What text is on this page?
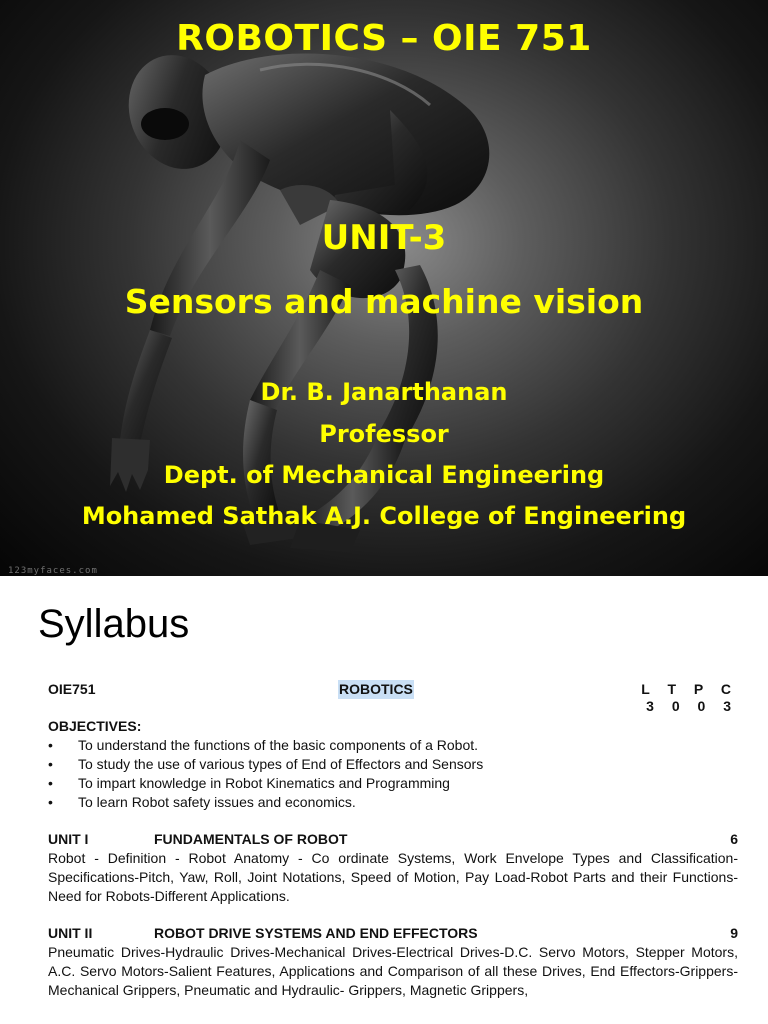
ROBOTICS – OIE 751
UNIT-3
Sensors and machine vision
Dr. B. Janarthanan
Professor
Dept. of Mechanical Engineering
Mohamed Sathak A.J. College of Engineering
123myfaces.com
Syllabus
OIE751	ROBOTICS	L T P C
3 0 0 3
OBJECTIVES:
• To understand the functions of the basic components of a Robot.
• To study the use of various types of End of Effectors and Sensors
• To impart knowledge in Robot Kinematics and Programming
• To learn Robot safety issues and economics.
UNIT I	FUNDAMENTALS OF ROBOT	6
Robot - Definition - Robot Anatomy - Co ordinate Systems, Work Envelope Types and Classification- Specifications-Pitch, Yaw, Roll, Joint Notations, Speed of Motion, Pay Load-Robot Parts and their Functions-Need for Robots-Different Applications.
UNIT II	ROBOT DRIVE SYSTEMS AND END EFFECTORS	9
Pneumatic Drives-Hydraulic Drives-Mechanical Drives-Electrical Drives-D.C. Servo Motors, Stepper Motors, A.C. Servo Motors-Salient Features, Applications and Comparison of all these Drives, End Effectors-Grippers-Mechanical Grippers, Pneumatic and Hydraulic- Grippers, Magnetic Grippers,
